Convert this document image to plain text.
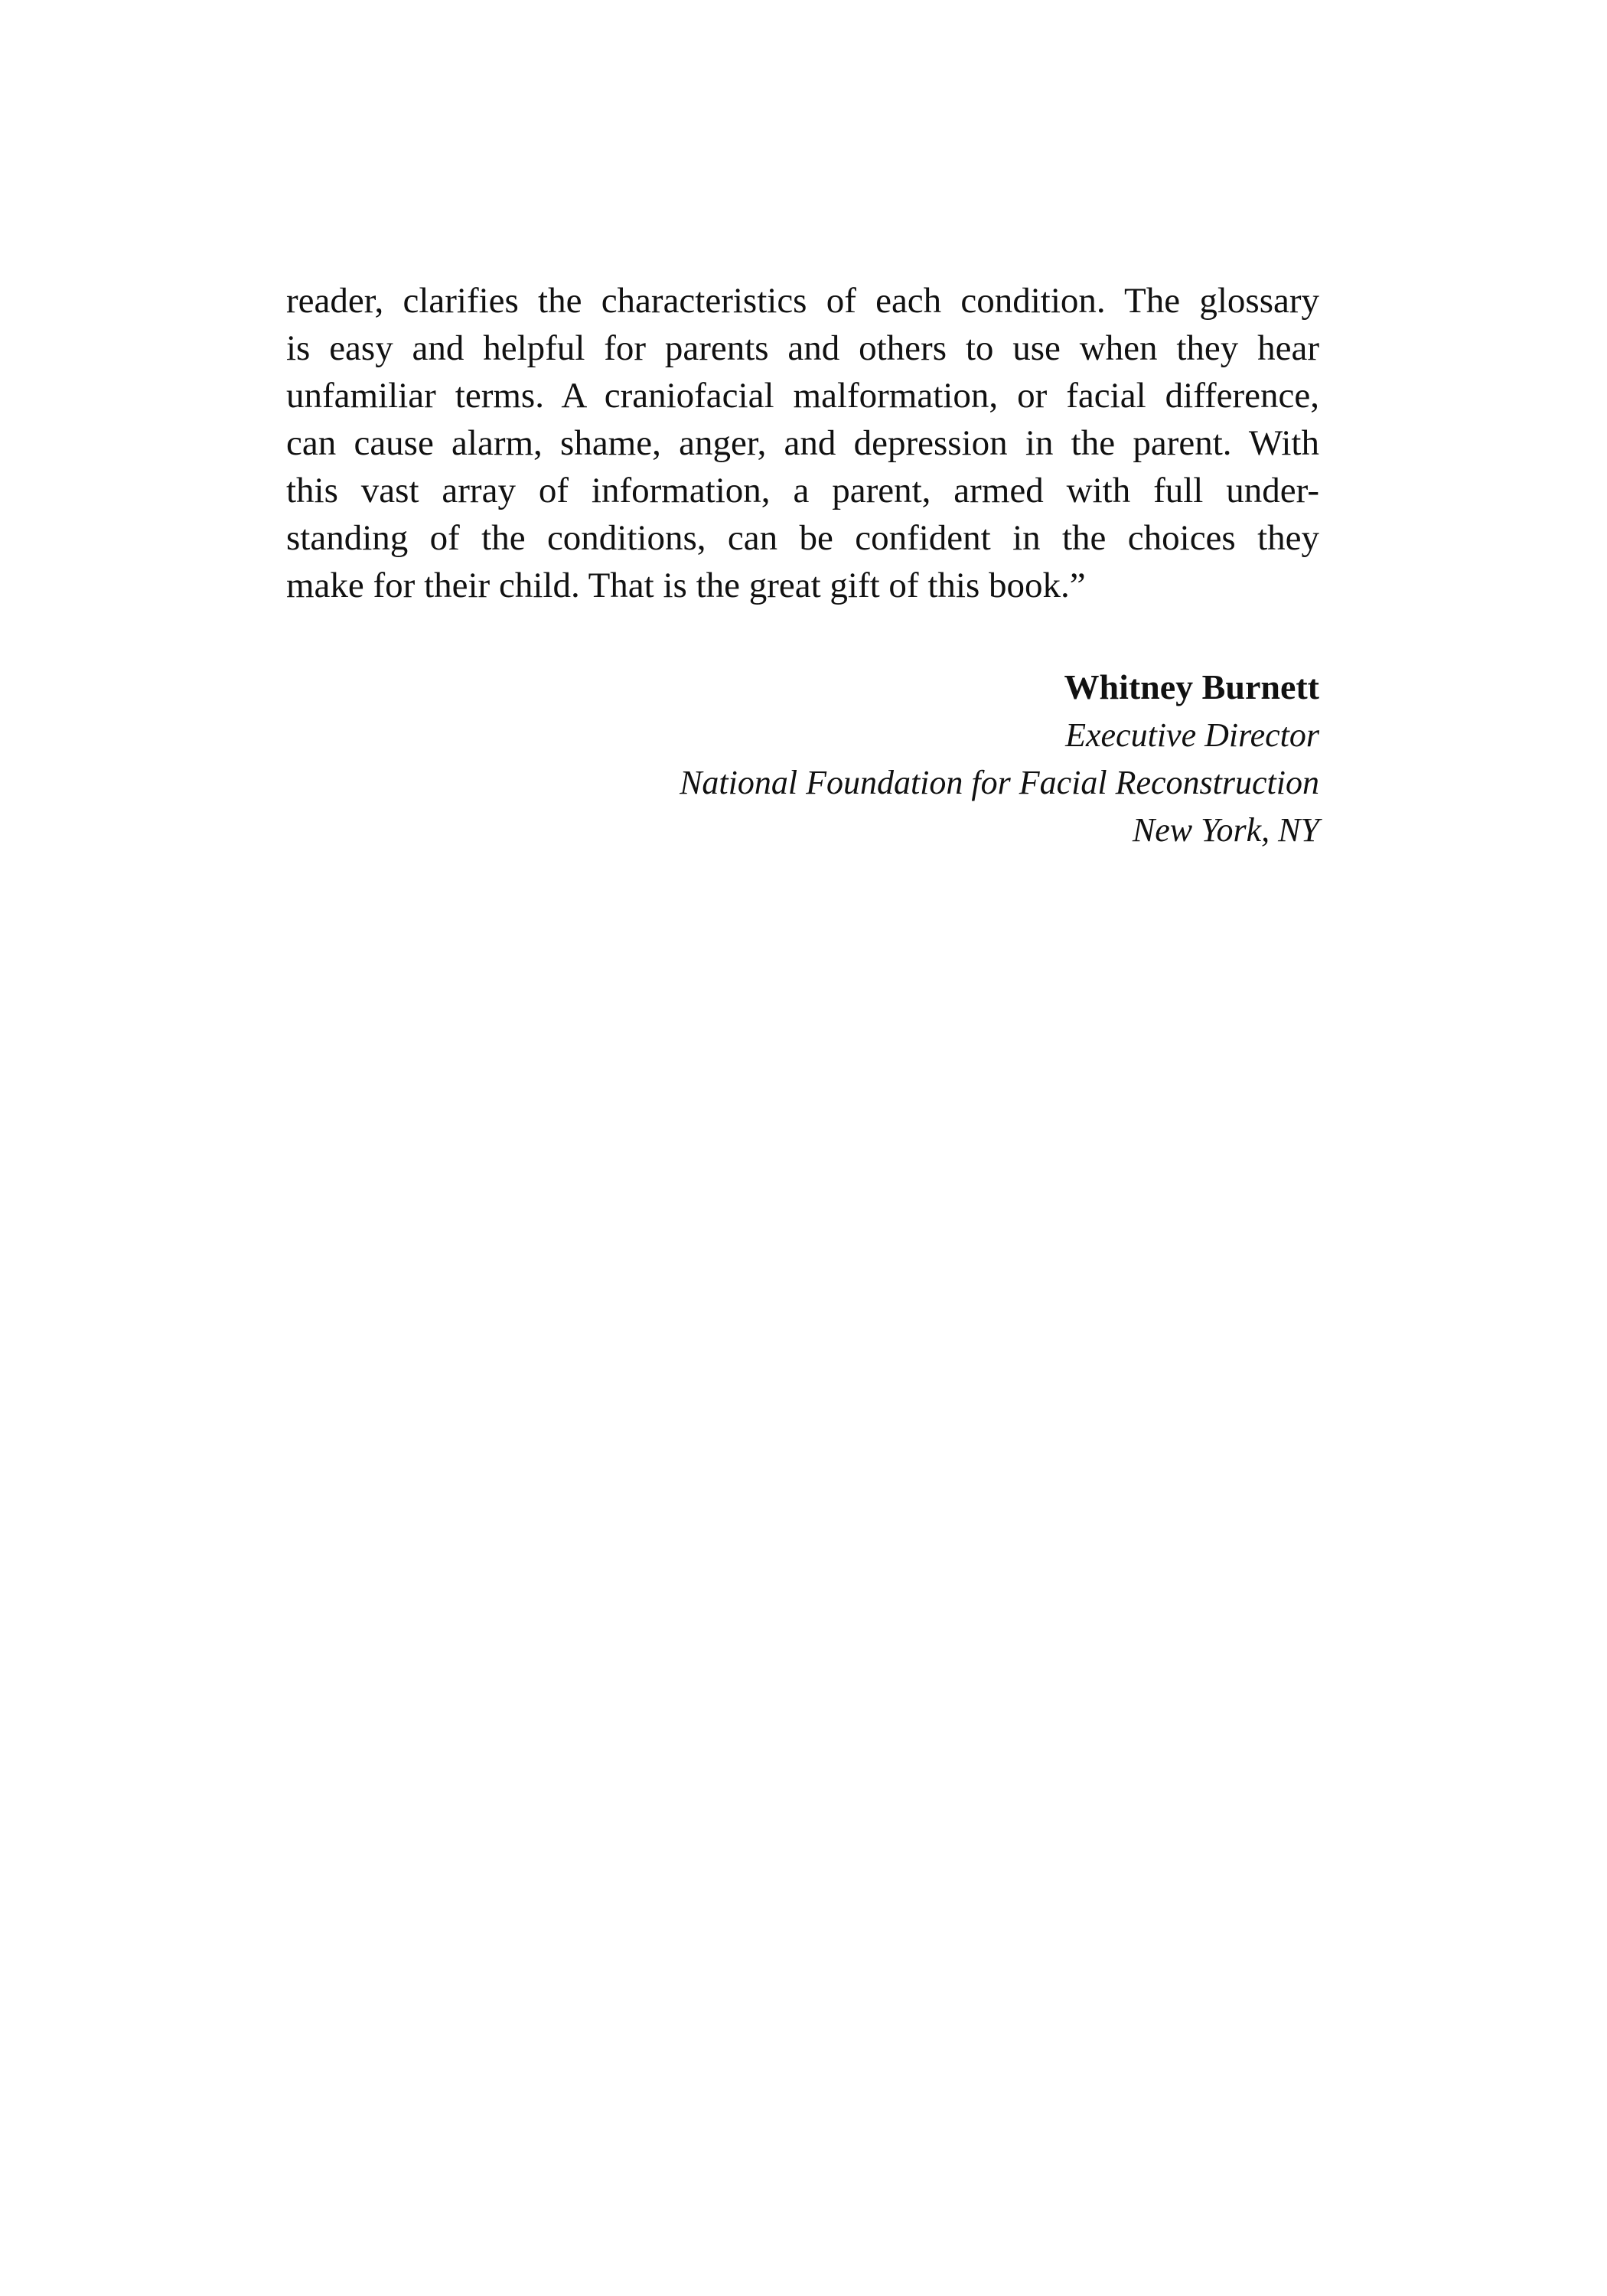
reader, clarifies the characteristics of each condition. The glossary
is easy and helpful for parents and others to use when they hear
unfamiliar terms. A craniofacial malformation, or facial difference,
can cause alarm, shame, anger, and depression in the parent. With
this vast array of information, a parent, armed with full under-
standing of the conditions, can be confident in the choices they
make for their child. That is the great gift of this book.”

Whitney Burnett
Executive Director
National Foundation for Facial Reconstruction
New York, NY
